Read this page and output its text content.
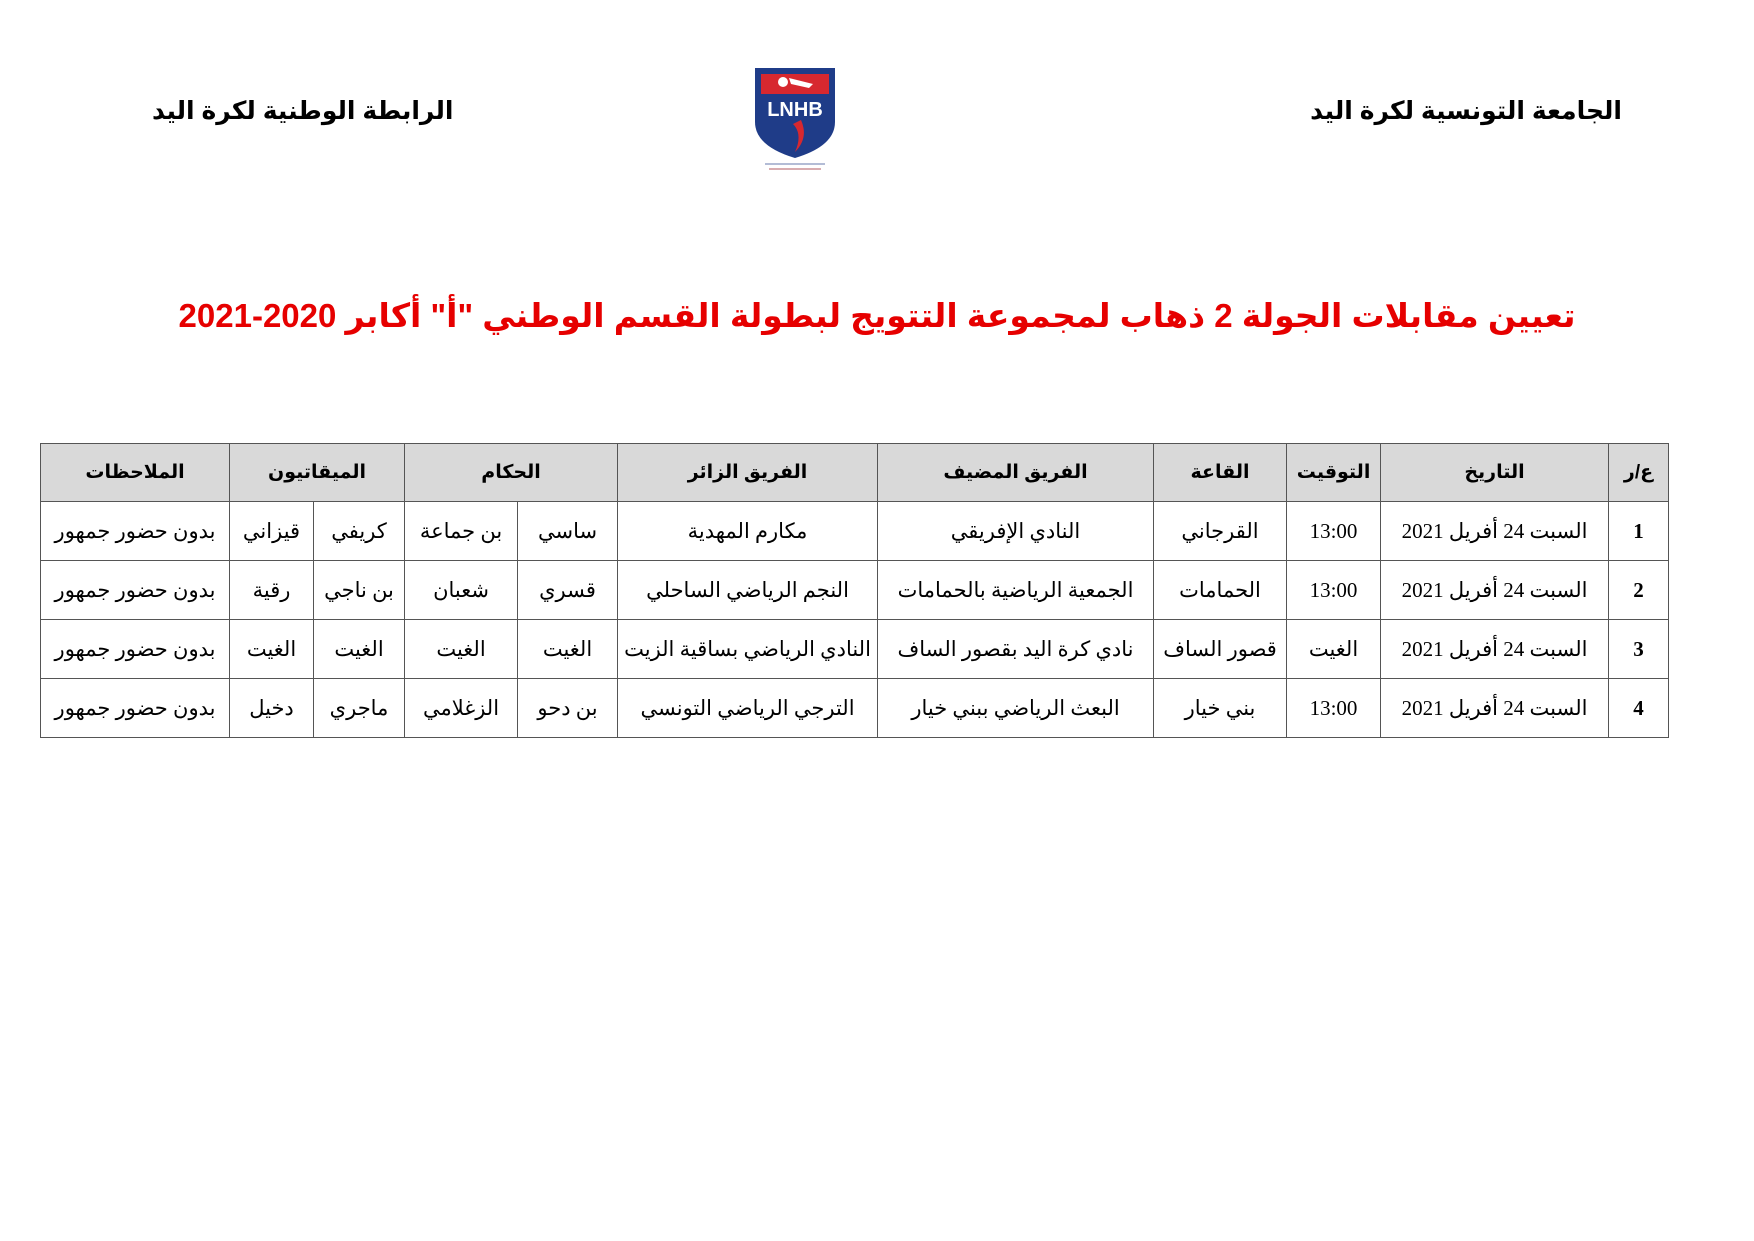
الجامعة التونسية لكرة اليد
الرابطة الوطنية لكرة اليد	LNHB
تعيين مقابلات الجولة 2 ذهاب لمجموعة التتويج لبطولة القسم الوطني "أ" أكابر 2020-2021
ع/ر	التاريخ	التوقيت	القاعة	الفريق المضيف	الفريق الزائر	الحكام		الميقاتيون		الملاحظات
1	السبت 24 أفريل 2021	13:00	القرجاني	النادي الإفريقي	مكارم المهدية	ساسي	بن جماعة	كريفي	قيزاني	بدون حضور جمهور
2	السبت 24 أفريل 2021	13:00	الحمامات	الجمعية الرياضية بالحمامات	النجم الرياضي الساحلي	قسري	شعبان	بن ناجي	رقية	بدون حضور جمهور
3	السبت 24 أفريل 2021	الغيت	قصور الساف	نادي كرة اليد بقصور الساف	النادي الرياضي بساقية الزيت	الغيت	الغيت	الغيت	الغيت	بدون حضور جمهور
4	السبت 24 أفريل 2021	13:00	بني خيار	البعث الرياضي ببني خيار	الترجي الرياضي التونسي	بن دحو	الزغلامي	ماجري	دخيل	بدون حضور جمهور
